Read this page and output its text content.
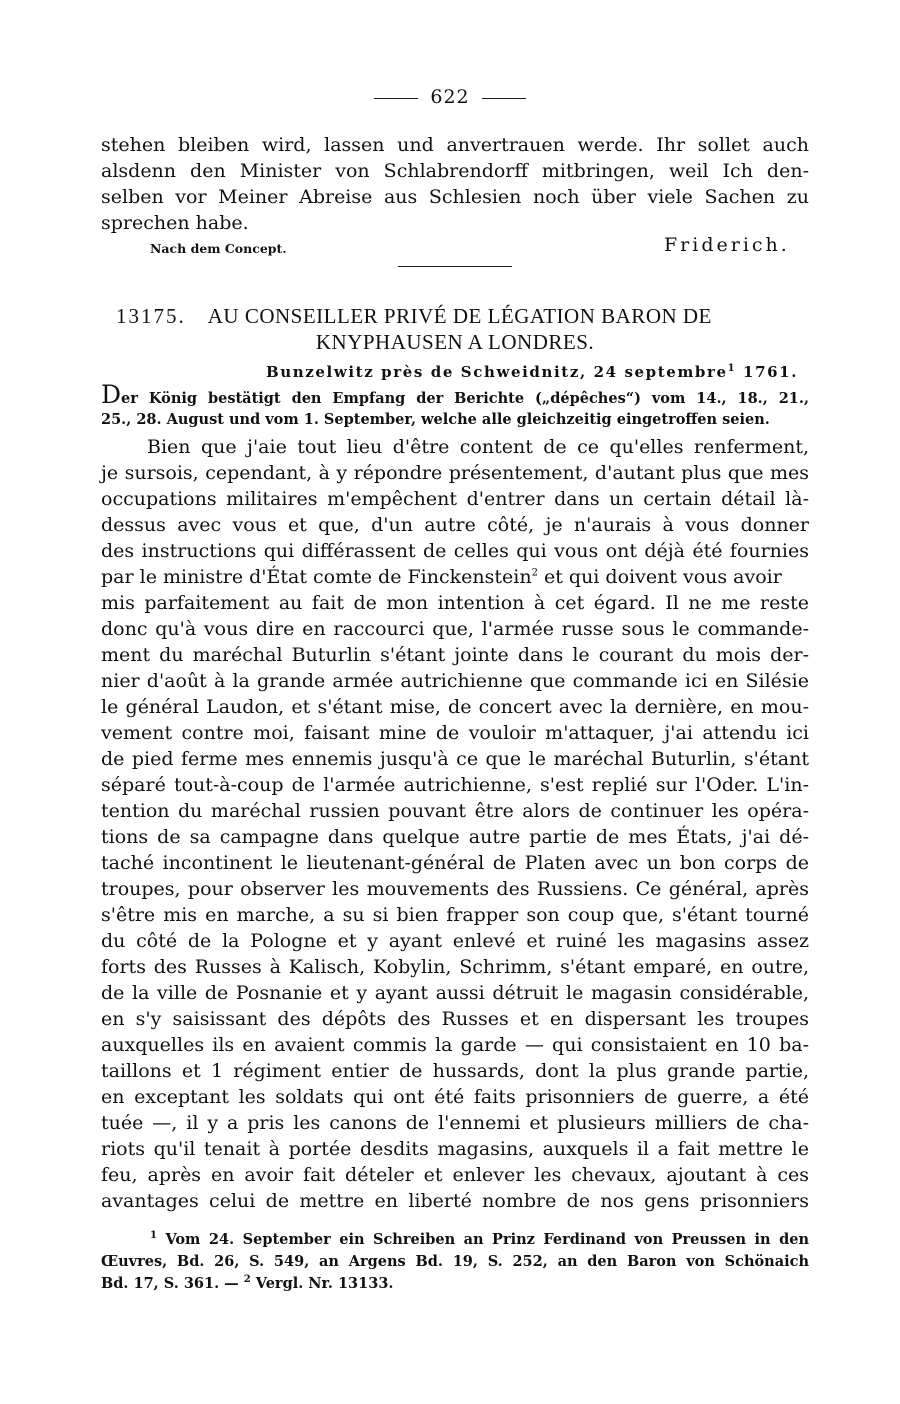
622
stehen bleiben wird, lassen und anvertrauen werde. Ihr sollet auch
alsdenn den Minister von Schlabrendorff mitbringen, weil Ich den-
selben vor Meiner Abreise aus Schlesien noch über viele Sachen zu
sprechen habe.
Nach dem Concept.	Friderich.
13175. AU CONSEILLER PRIVÉ DE LÉGATION BARON DE
KNYPHAUSEN A LONDRES.
Bunzelwitz près de Schweidnitz, 24 septembre$^1$ 1761.
Der König bestätigt den Empfang der Berichte („dépêches“) vom 14., 18., 21.,
25., 28. August und vom 1. September, welche alle gleichzeitig eingetroffen seien.
Bien que j'aie tout lieu d'être content de ce qu'elles renferment,
je sursois, cependant, à y répondre présentement, d'autant plus que mes
occupations militaires m'empêchent d'entrer dans un certain détail là-
dessus avec vous et que, d'un autre côté, je n'aurais à vous donner
des instructions qui différassent de celles qui vous ont déjà été fournies
par le ministre d'État comte de Finckenstein$^2$ et qui doivent vous avoir
mis parfaitement au fait de mon intention à cet égard. Il ne me reste
donc qu'à vous dire en raccourci que, l'armée russe sous le commande-
ment du maréchal Buturlin s'étant jointe dans le courant du mois der-
nier d'août à la grande armée autrichienne que commande ici en Silésie
le général Laudon, et s'étant mise, de concert avec la dernière, en mou-
vement contre moi, faisant mine de vouloir m'attaquer, j'ai attendu ici
de pied ferme mes ennemis jusqu'à ce que le maréchal Buturlin, s'étant
séparé tout-à-coup de l'armée autrichienne, s'est replié sur l'Oder. L'in-
tention du maréchal russien pouvant être alors de continuer les opéra-
tions de sa campagne dans quelque autre partie de mes États, j'ai dé-
taché incontinent le lieutenant-général de Platen avec un bon corps de
troupes, pour observer les mouvements des Russiens. Ce général, après
s'être mis en marche, a su si bien frapper son coup que, s'étant tourné
du côté de la Pologne et y ayant enlevé et ruiné les magasins assez
forts des Russes à Kalisch, Kobylin, Schrimm, s'étant emparé, en outre,
de la ville de Posnanie et y ayant aussi détruit le magasin considérable,
en s'y saisissant des dépôts des Russes et en dispersant les troupes
auxquelles ils en avaient commis la garde — qui consistaient en 10 ba-
taillons et 1 régiment entier de hussards, dont la plus grande partie,
en exceptant les soldats qui ont été faits prisonniers de guerre, a été
tuée —, il y a pris les canons de l'ennemi et plusieurs milliers de cha-
riots qu'il tenait à portée desdits magasins, auxquels il a fait mettre le
feu, après en avoir fait dételer et enlever les chevaux, ajoutant à ces
avantages celui de mettre en liberté nombre de nos gens prisonniers
$^1$ Vom 24. September ein Schreiben an Prinz Ferdinand von Preussen in den
Œuvres, Bd. 26, S. 549, an Argens Bd. 19, S. 252, an den Baron von Schönaich
Bd. 17, S. 361. — $^2$ Vergl. Nr. 13133.
